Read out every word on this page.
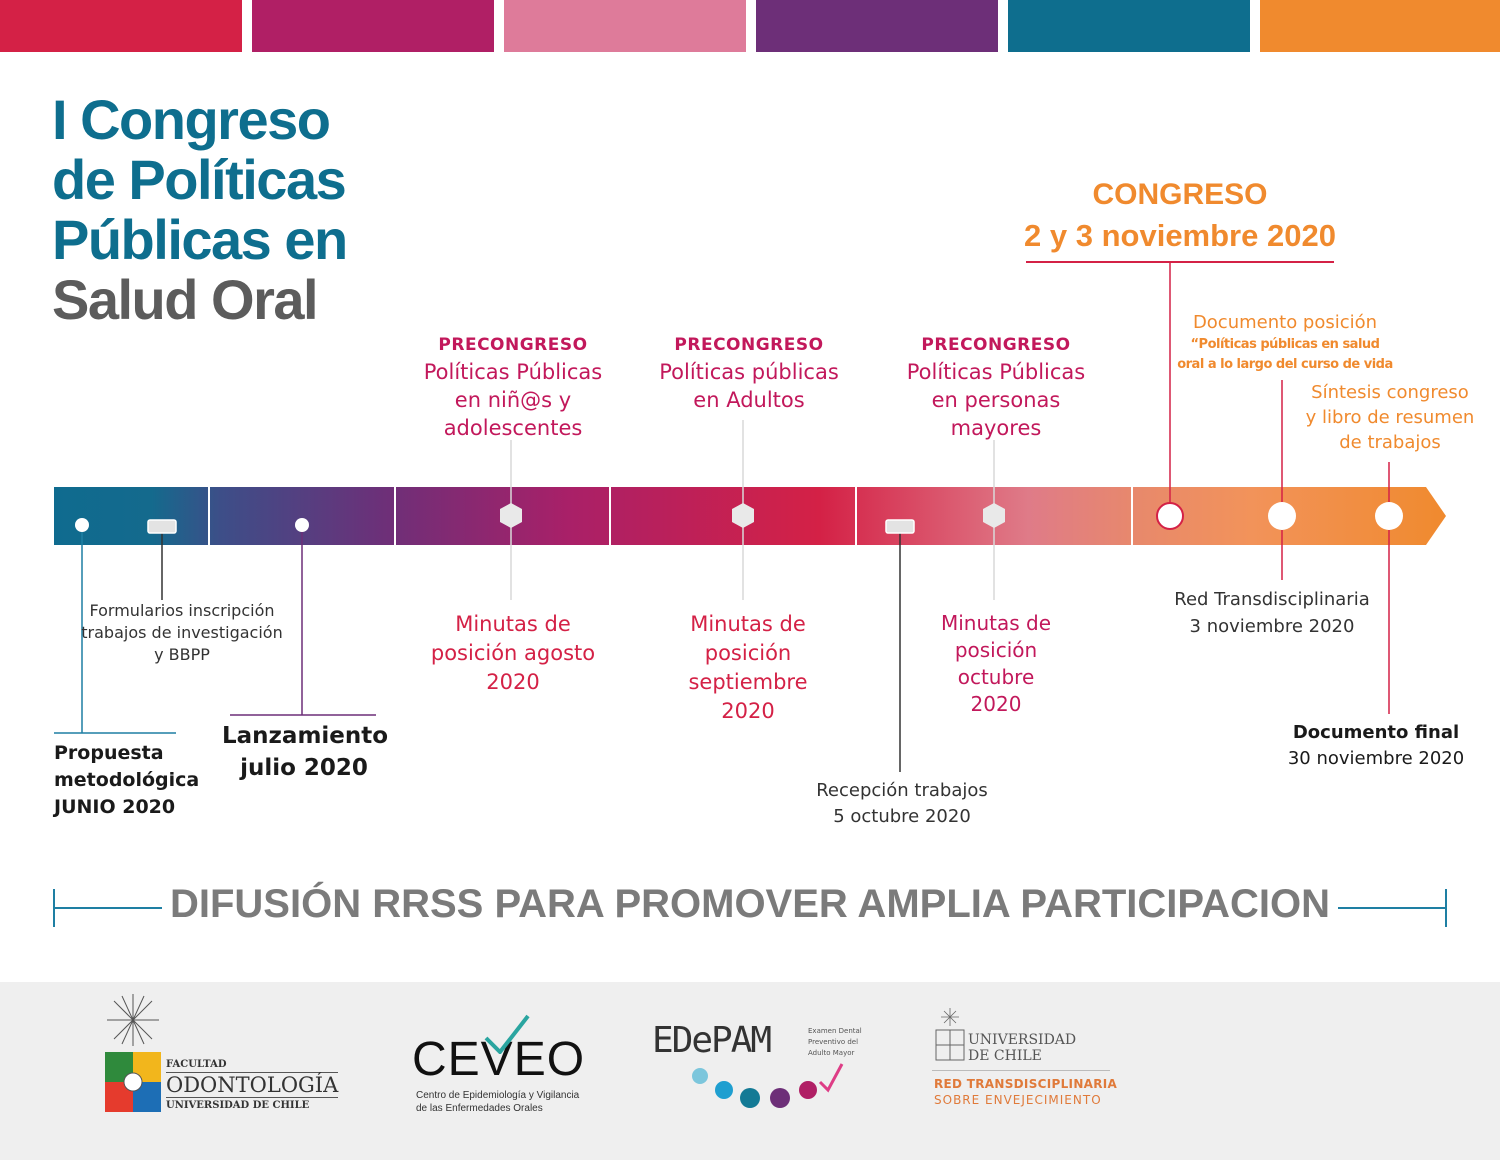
I Congreso
de Políticas
Públicas en
Salud Oral
CONGRESO
2 y 3 noviembre 2020
PRECONGRESO
Políticas Públicas
en niñ@s y
adolescentes
PRECONGRESO
Políticas públicas
en Adultos
PRECONGRESO
Políticas Públicas
en personas
mayores
Documento posición
“Políticas públicas en salud
oral a lo largo del curso de vida
Síntesis congreso
y libro de resumen
de trabajos
Formularios inscripción
trabajos de investigación
y BBPP
Propuesta
metodológica
JUNIO 2020
Lanzamiento
julio 2020
Minutas de
posición agosto
2020
Minutas de
posición
septiembre
2020
Minutas de
posición
octubre
2020
Recepción trabajos
5 octubre 2020
Red Transdisciplinaria
3 noviembre 2020
Documento final
30 noviembre 2020
DIFUSIÓN RRSS PARA PROMOVER AMPLIA PARTICIPACION
FACULTAD
ODONTOLOGÍA
UNIVERSIDAD DE CHILE
CEVEO
Centro de Epidemiología y Vigilancia
de las Enfermedades Orales
EDePAM	Examen Dental
Preventivo del
Adulto Mayor
UNIVERSIDAD
DE CHILE
RED TRANSDISCIPLINARIA
SOBRE ENVEJECIMIENTO
